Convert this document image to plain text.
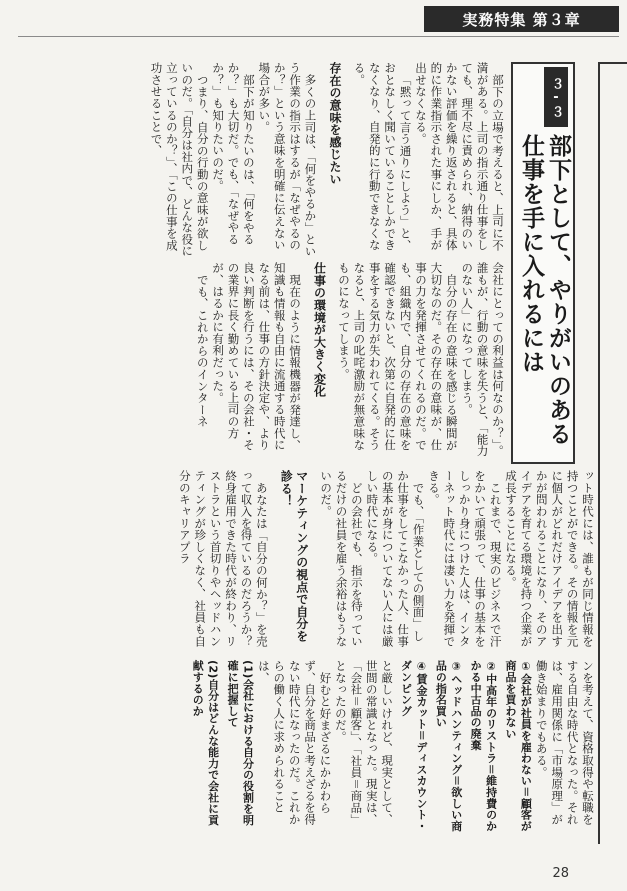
実務特集 第３章
３-３
部下として、やりがいのある仕事を手に入れるには

部下の立場で考えると、上司に不満がある。上司の指示通り仕事をしても、理不尽に責められ、納得のいかない評価を繰り返されると、具体的に作業指示された事にしか、手が出せなくなる。

「黙って言う通りにしよう」と、おとなしく聞いていることしかできなくなり、自発的に行動できなくなる。

存在の意味を感じたい

多くの上司は、「何をやるか」という作業の指示はするが「なぜやるのか？」という意味を明確に伝えない場合が多い。

部下が知りたいのは、「何をやるか？」も大切だ。でも、「なぜやるか？」も知りたいのだ。

つまり、自分の行動の意味が欲しいのだ。「自分は社内で、どんな役に立っているのか？」、「この仕事を成功させることで、

会社にとっての利益は何なのか？」。誰もが、行動の意味を失うと、「能力のない人」になってしまう。

自分の存在の意味を感じる瞬間が大切なのだ。その存在の意味が、仕事の力を発揮させてくれるのだ。でも、組織内で、自分の存在の意味を確認できないと、次第に自発的に仕事をする気力が失われてくる。そうなると、上司の叱咤激励が無意味なものになってしまう。

仕事の環境が大きく変化

現在のように情報機器が発達し、知識も情報も自由に流通する時代になる前は、仕事の方針決定や、より良い判断を行うには、その会社・その業界に長く勤めている上司の方が、はるかに有利だった。

でも、これからのインターネ

ット時代には、誰もが同じ情報を持つことができる。その情報を元に個人がどれだけアイデアを出すかが問われることになり、そのアイデアを育てる環境を持つ企業が成長することになる。

これまで、現実のビジネスで汗をかいて頑張って、仕事の基本をしっかり身につけた人は、インターネット時代には凄い力を発揮できる。

でも、「作業としての側面」しか仕事をしてこなかった人、仕事の基本が身についてない人には厳しい時代になる。

どの会社でも、指示を待っているだけの社員を雇う余裕はもうないのだ。

マーケティングの視点で自分を診る！

あなたは「自分の何か？」を売って収入を得ているのだろうか？　終身雇用できた時代が終わり、リストラという首切りやヘッドハンティングが珍しくなく、社員も自分のキャリアプラ

ンを考えて、資格取得や転職をする自由な時代となった。それは、雇用関係に「市場原理」が働き始まりでもある。

①会社が社員を雇わない＝顧客が商品を買わない

②中高年のリストラ＝維持費のかかる中古品の廃棄

③ヘッドハンティング＝欲しい商品の指名買い

④賃金カット＝ディスカウント・ダンピング

と厳しいけれど、現実として、世間の常識となった。現実は、「会社＝顧客」、「社員＝商品」となったのだ。

好むと好まざるにかかわらず、自分を商品と考えざるを得ない時代になったのだ。これからの働く人に求められることは、

(1)会社における自分の役割を明確に把握して

(2)自分はどんな能力で会社に貢献するのか

28
